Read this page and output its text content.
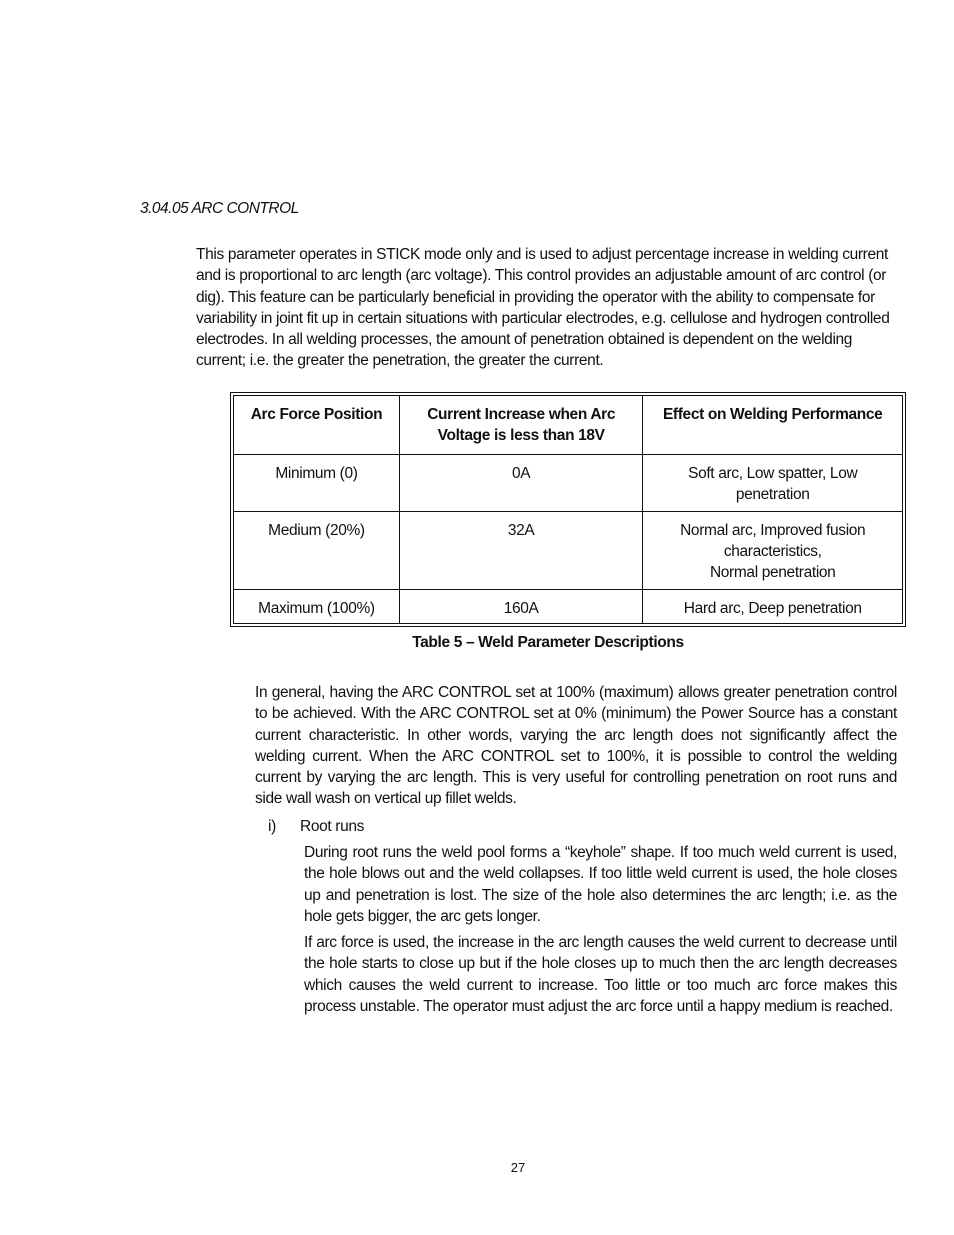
3.04.05 ARC CONTROL
This parameter operates in STICK mode only and is used to adjust percentage increase in welding current and is proportional to arc length (arc voltage). This control provides an adjustable amount of arc control (or dig). This feature can be particularly beneficial in providing the operator with the ability to compensate for variability in joint fit up in certain situations with particular electrodes, e.g. cellulose and hydrogen controlled electrodes. In all welding processes, the amount of penetration obtained is dependent on the welding current; i.e. the greater the penetration, the greater the current.
Arc Force Position	Current Increase when Arc Voltage is less than 18V	Effect on Welding Performance
Minimum (0)	0A	Soft arc, Low spatter, Low penetration
Medium (20%)	32A	Normal arc, Improved fusion characteristics,
Normal penetration
Maximum (100%)	160A	Hard arc, Deep penetration
Table 5 – Weld Parameter Descriptions
In general, having the ARC CONTROL set at 100% (maximum) allows greater penetration control to be achieved. With the ARC CONTROL set at 0% (minimum) the Power Source has a constant current characteristic. In other words, varying the arc length does not significantly affect the welding current. When the ARC CONTROL set to 100%, it is possible to control the welding current by varying the arc length. This is very useful for controlling penetration on root runs and side wall wash on vertical up fillet welds.
i) Root runs
During root runs the weld pool forms a “keyhole” shape. If too much weld current is used, the hole blows out and the weld collapses. If too little weld current is used, the hole closes up and penetration is lost. The size of the hole also determines the arc length; i.e. as the hole gets bigger, the arc gets longer.
If arc force is used, the increase in the arc length causes the weld current to decrease until the hole starts to close up but if the hole closes up to much then the arc length decreases which causes the weld current to increase. Too little or too much arc force makes this process unstable. The operator must adjust the arc force until a happy medium is reached.
27
